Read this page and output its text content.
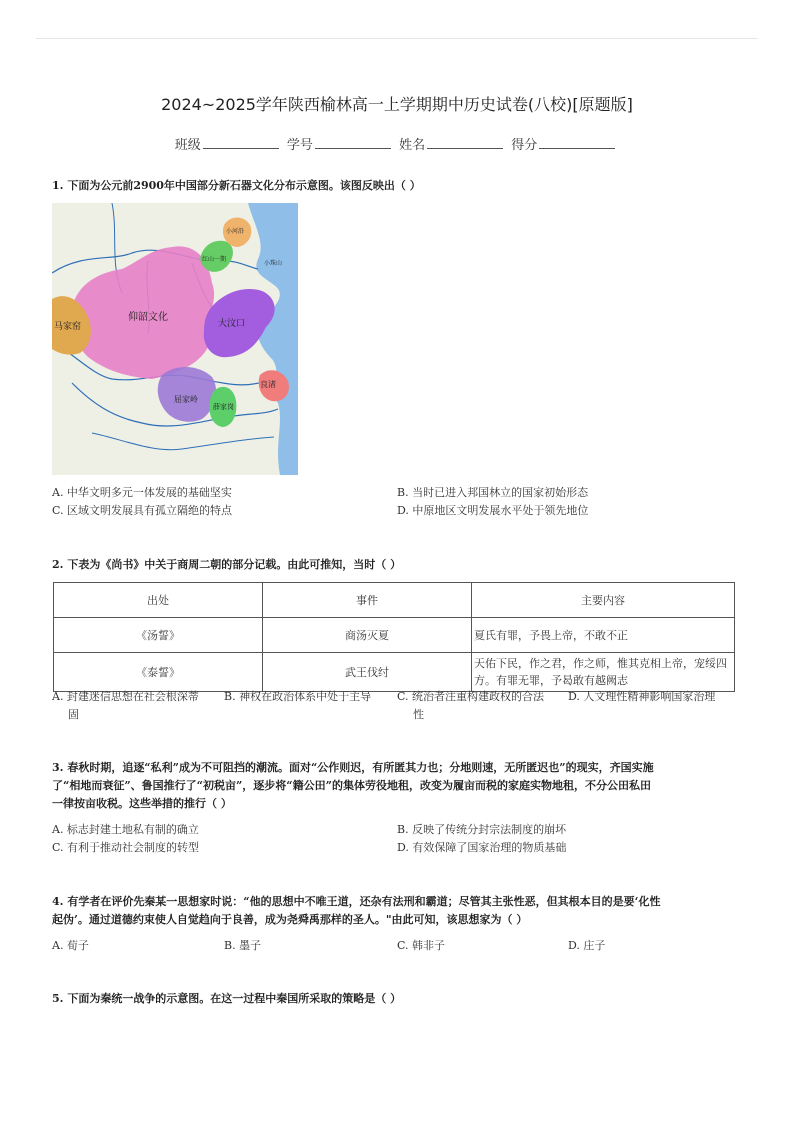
2024~2025学年陕西榆林高一上学期期中历史试卷(八校)[原题版]
班级	学号	姓名	得分
1. 下面为公元前2900年中国部分新石器文化分布示意图。该图反映出（ ）
仰韶文化
大汶口
马家窑
良渚
屈家岭
薛家岗
红山一期
小河沿
小珠山
A. 中华文明多元一体发展的基础坚实	B. 当时已进入邦国林立的国家初始形态
C. 区域文明发展具有孤立隔绝的特点	D. 中原地区文明发展水平处于领先地位
2. 下表为《尚书》中关于商周二朝的部分记载。由此可推知，当时（ ）
出处	事件	主要内容
《汤誓》	商汤灭夏	夏氏有罪，予畏上帝，不敢不正
《泰誓》	武王伐纣	天佑下民，作之君，作之师，惟其克相上帝，宠绥四方。有罪无罪，予曷敢有越阙志
A. 封建迷信思想在社会根深蒂
固
B. 神权在政治体系中处于主导 C. 统治者注重构建政权的合法
性
D. 人文理性精神影响国家治理
3. 春秋时期，追逐“私利”成为不可阻挡的潮流。面对“公作则迟，有所匿其力也；分地则速，无所匿迟也”的现实，齐国实施
了“相地而衰征”、鲁国推行了“初税亩”，逐步将“籍公田”的集体劳役地租，改变为履亩而税的家庭实物地租，不分公田私田
一律按亩收税。这些举措的推行（ ）
A. 标志封建土地私有制的确立	B. 反映了传统分封宗法制度的崩坏
C. 有利于推动社会制度的转型	D. 有效保障了国家治理的物质基础
4. 有学者在评价先秦某一思想家时说：“他的思想中不唯王道，还杂有法刑和霸道；尽管其主张性恶，但其根本目的是要‘化性
起伪’。通过道德约束使人自觉趋向于良善，成为尧舜禹那样的圣人。"由此可知，该思想家为（ ）
A. 荀子	B. 墨子	C. 韩非子	D. 庄子
5. 下面为秦统一战争的示意图。在这一过程中秦国所采取的策略是（ ）
